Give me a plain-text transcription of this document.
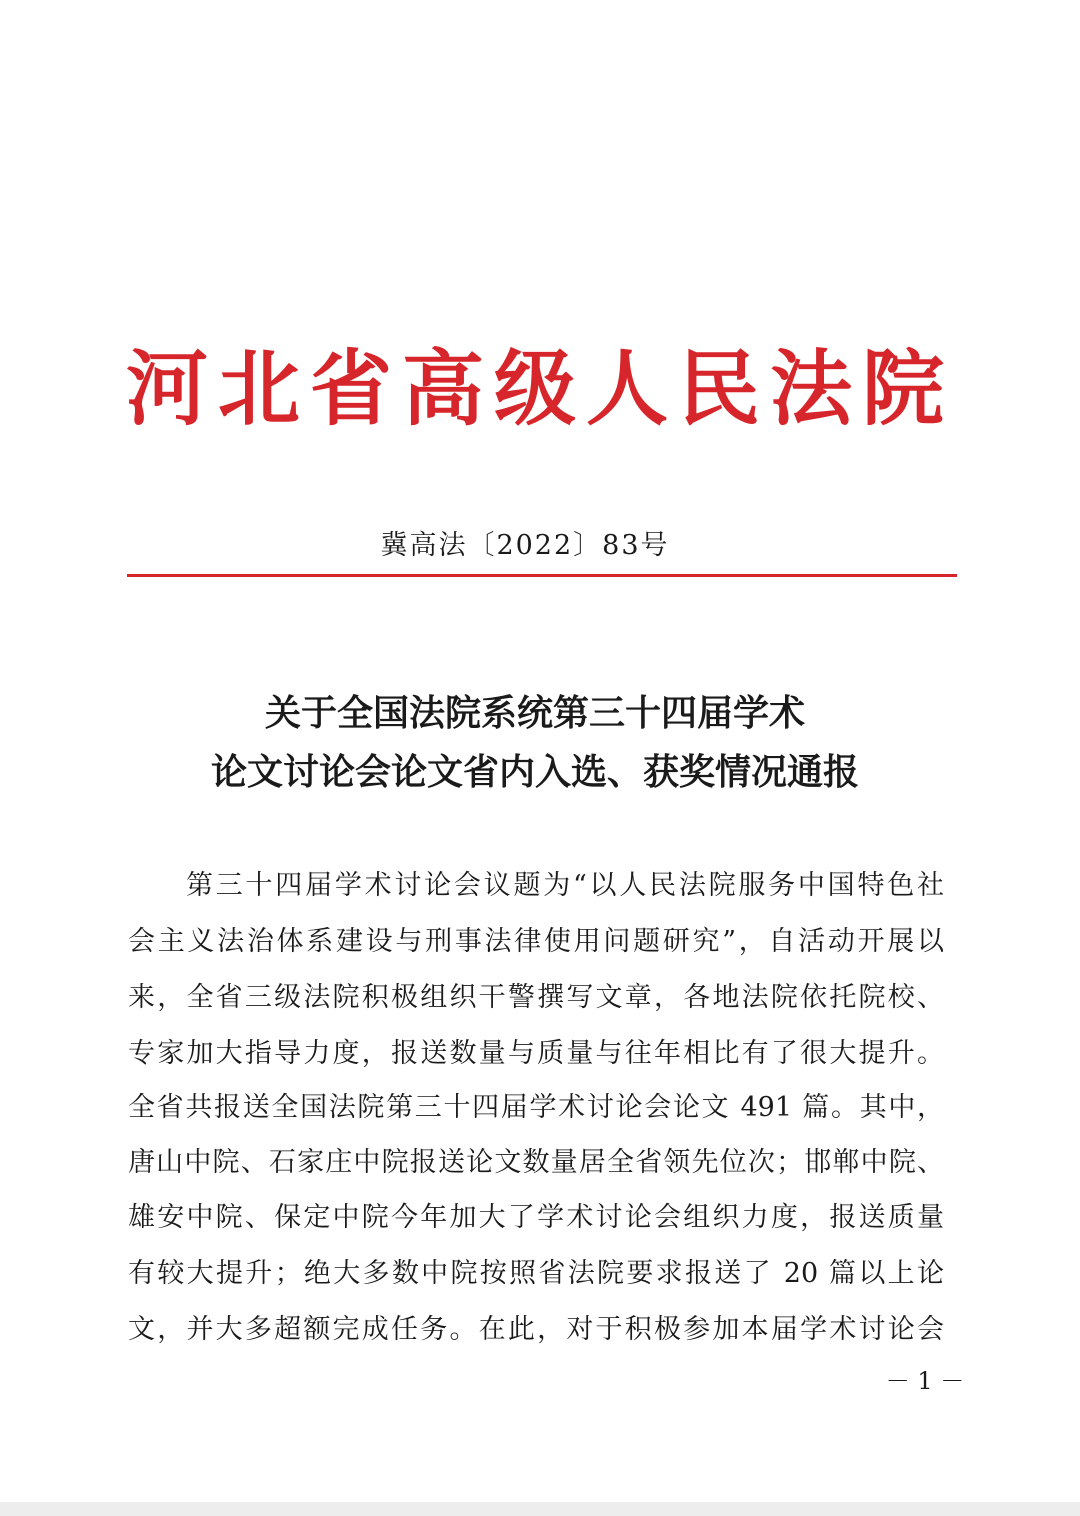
河北省高级人民法院
冀高法〔2022〕83号
关于全国法院系统第三十四届学术
论文讨论会论文省内入选、获奖情况通报
第三十四届学术讨论会议题为“以人民法院服务中国特色社
会主义法治体系建设与刑事法律使用问题研究”，自活动开展以
来，全省三级法院积极组织干警撰写文章，各地法院依托院校、
专家加大指导力度，报送数量与质量与往年相比有了很大提升。
全省共报送全国法院第三十四届学术讨论会论文 491 篇。其中，
唐山中院、石家庄中院报送论文数量居全省领先位次；邯郸中院、
雄安中院、保定中院今年加大了学术讨论会组织力度，报送质量
有较大提升；绝大多数中院按照省法院要求报送了 20 篇以上论
文，并大多超额完成任务。在此，对于积极参加本届学术讨论会
－ 1 －
